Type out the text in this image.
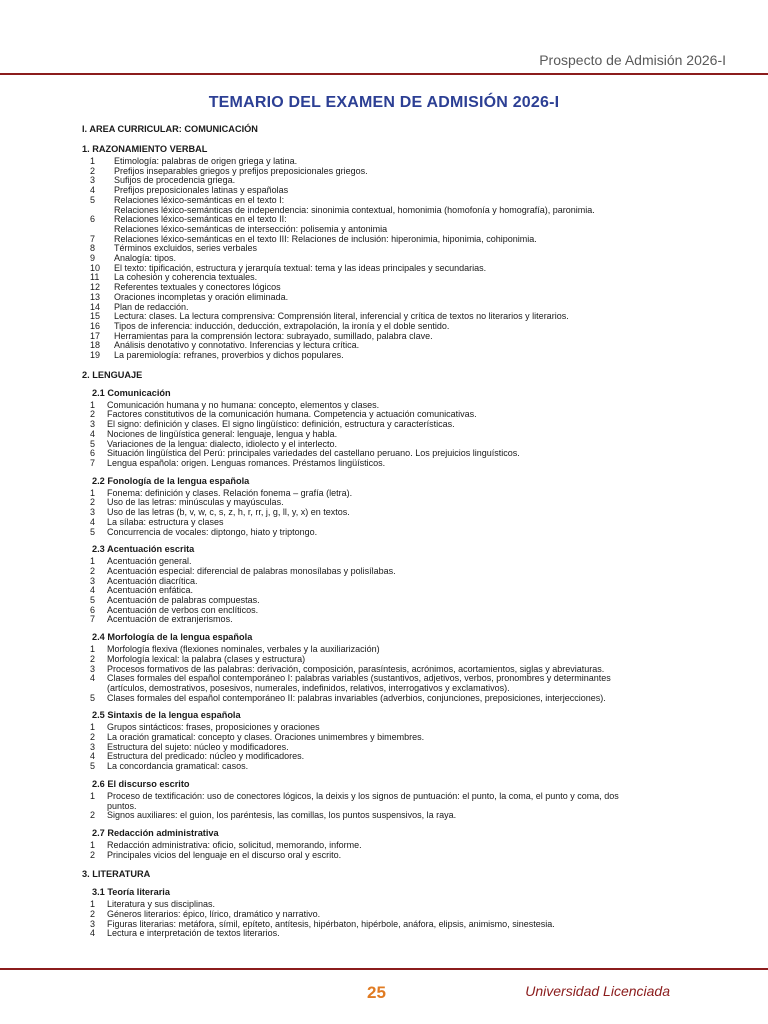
Prospecto de Admisión 2026-I
TEMARIO DEL EXAMEN DE ADMISIÓN 2026-I
I. AREA CURRICULAR: COMUNICACIÓN
1. RAZONAMIENTO VERBAL
1	Etimología: palabras de origen griega y latina.
2	Prefijos inseparables griegos y prefijos preposicionales griegos.
3	Sufijos de procedencia griega.
4	Prefijos preposicionales latinas y españolas
5	Relaciones léxico-semánticas en el texto I:
Relaciones léxico-semánticas de independencia: sinonimia contextual, homonimia (homofonía y homografía), paronimia.
6	Relaciones léxico-semánticas en el texto II:
Relaciones léxico-semánticas de intersección: polisemia y antonimia
7	Relaciones léxico-semánticas en el texto III: Relaciones de inclusión: hiperonimia, hiponimia, cohiponimia.
8	Términos excluidos, series verbales
9	Analogía: tipos.
10	El texto: tipificación, estructura y jerarquía textual: tema y las ideas principales y secundarias.
11	La cohesión y coherencia textuales.
12	Referentes textuales y conectores lógicos
13	Oraciones incompletas y oración eliminada.
14	Plan de redacción.
15	Lectura: clases. La lectura comprensiva: Comprensión literal, inferencial y crítica de textos no literarios y literarios.
16	Tipos de inferencia: inducción, deducción, extrapolación, la ironía y el doble sentido.
17	Herramientas para la comprensión lectora: subrayado, sumillado, palabra clave.
18	Análisis denotativo y connotativo. Inferencias y lectura crítica.
19	La paremiología: refranes, proverbios y dichos populares.
2. LENGUAJE
2.1 Comunicación
1	Comunicación humana y no humana: concepto, elementos y clases.
2	Factores constitutivos de la comunicación humana. Competencia y actuación comunicativas.
3	El signo: definición y clases. El signo lingüístico: definición, estructura y características.
4	Nociones de lingüística general: lenguaje, lengua y habla.
5	Variaciones de la lengua: dialecto, idiolecto y el interlecto.
6	Situación lingüística del Perú: principales variedades del castellano peruano. Los prejuicios linguísticos.
7	Lengua española: origen. Lenguas romances. Préstamos lingüísticos.
2.2 Fonología de la lengua española
1	Fonema: definición y clases. Relación fonema – grafía (letra).
2	Uso de las letras: minúsculas y mayúsculas.
3	Uso de las letras (b, v, w, c, s, z, h, r, rr, j, g, ll, y, x) en textos.
4	La sílaba: estructura y clases
5	Concurrencia de vocales: diptongo, hiato y triptongo.
2.3 Acentuación escrita
1	Acentuación general.
2	Acentuación especial: diferencial de palabras monosílabas y polisílabas.
3	Acentuación diacrítica.
4	Acentuación enfática.
5	Acentuación de palabras compuestas.
6	Acentuación de verbos con enclíticos.
7	Acentuación de extranjerismos.
2.4 Morfología de la lengua española
1	Morfología flexiva (flexiones nominales, verbales y la auxiliarización)
2	Morfología lexical: la palabra (clases y estructura)
3	Procesos formativos de las palabras: derivación, composición, parasíntesis, acrónimos, acortamientos, siglas y abreviaturas.
4	Clases formales del español contemporáneo I: palabras variables (sustantivos, adjetivos, verbos, pronombres y determinantes
(artículos, demostrativos, posesivos, numerales, indefinidos, relativos, interrogativos y exclamativos).
5	Clases formales del español contemporáneo II: palabras invariables (adverbios, conjunciones, preposiciones, interjecciones).
2.5 Sintaxis de la lengua española
1	Grupos sintácticos: frases, proposiciones y oraciones
2	La oración gramatical: concepto y clases. Oraciones unimembres y bimembres.
3	Estructura del sujeto: núcleo y modificadores.
4	Estructura del predicado: núcleo y modificadores.
5	La concordancia gramatical: casos.
2.6 El discurso escrito
1	Proceso de textificación: uso de conectores lógicos, la deixis y los signos de puntuación: el punto, la coma, el punto y coma, dos
puntos.
2	Signos auxiliares: el guion, los paréntesis, las comillas, los puntos suspensivos, la raya.
2.7 Redacción administrativa
1	Redacción administrativa: oficio, solicitud, memorando, informe.
2	Principales vicios del lenguaje en el discurso oral y escrito.
3. LITERATURA
3.1 Teoría literaria
1	Literatura y sus disciplinas.
2	Géneros literarios: épico, lírico, dramático y narrativo.
3	Figuras literarias: metáfora, símil, epíteto, antítesis, hipérbaton, hipérbole, anáfora, elipsis, animismo, sinestesia.
4	Lectura e interpretación de textos literarios.
25	Universidad Licenciada
